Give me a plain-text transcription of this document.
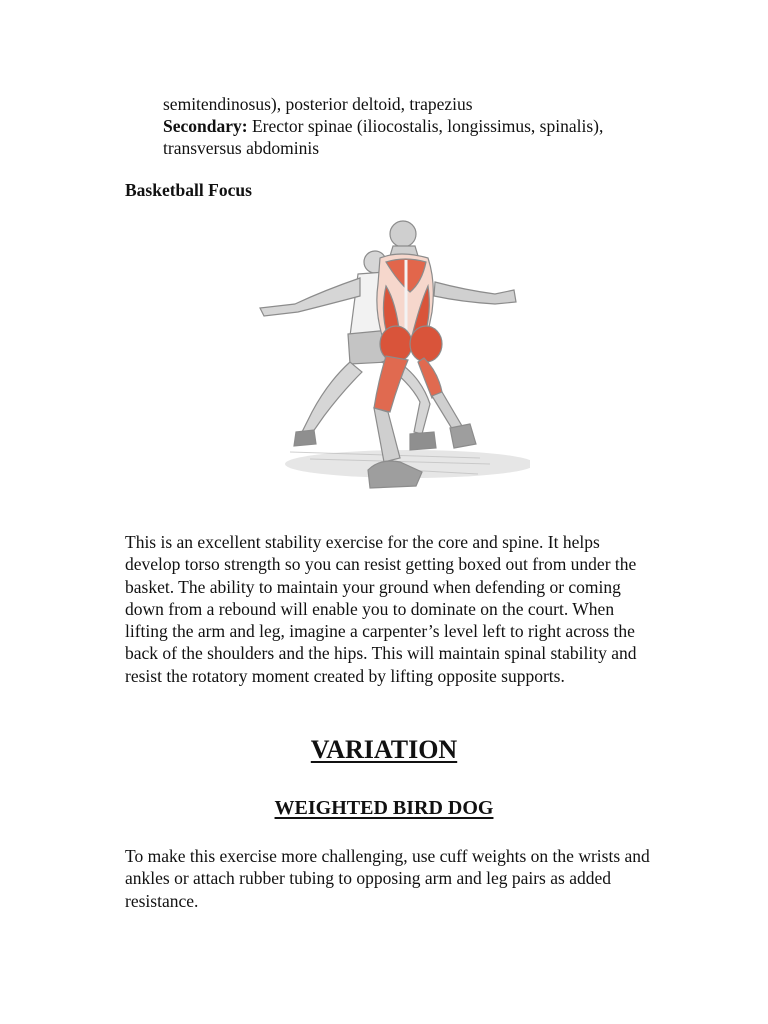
semitendinosus), posterior deltoid, trapezius

Secondary: Erector spinae (iliocostalis, longissimus, spinalis),

transversus abdominis

Basketball Focus

This is an excellent stability exercise for the core and spine. It helps develop torso strength so you can resist getting boxed out from under the basket. The ability to maintain your ground when defending or coming down from a rebound will enable you to dominate on the court. When lifting the arm and leg, imagine a carpenter’s level left to right across the back of the shoulders and the hips. This will maintain spinal stability and resist the rotatory moment created by lifting opposite supports.

VARIATION
WEIGHTED BIRD DOG

To make this exercise more challenging, use cuff weights on the wrists and ankles or attach rubber tubing to opposing arm and leg pairs as added resistance.
